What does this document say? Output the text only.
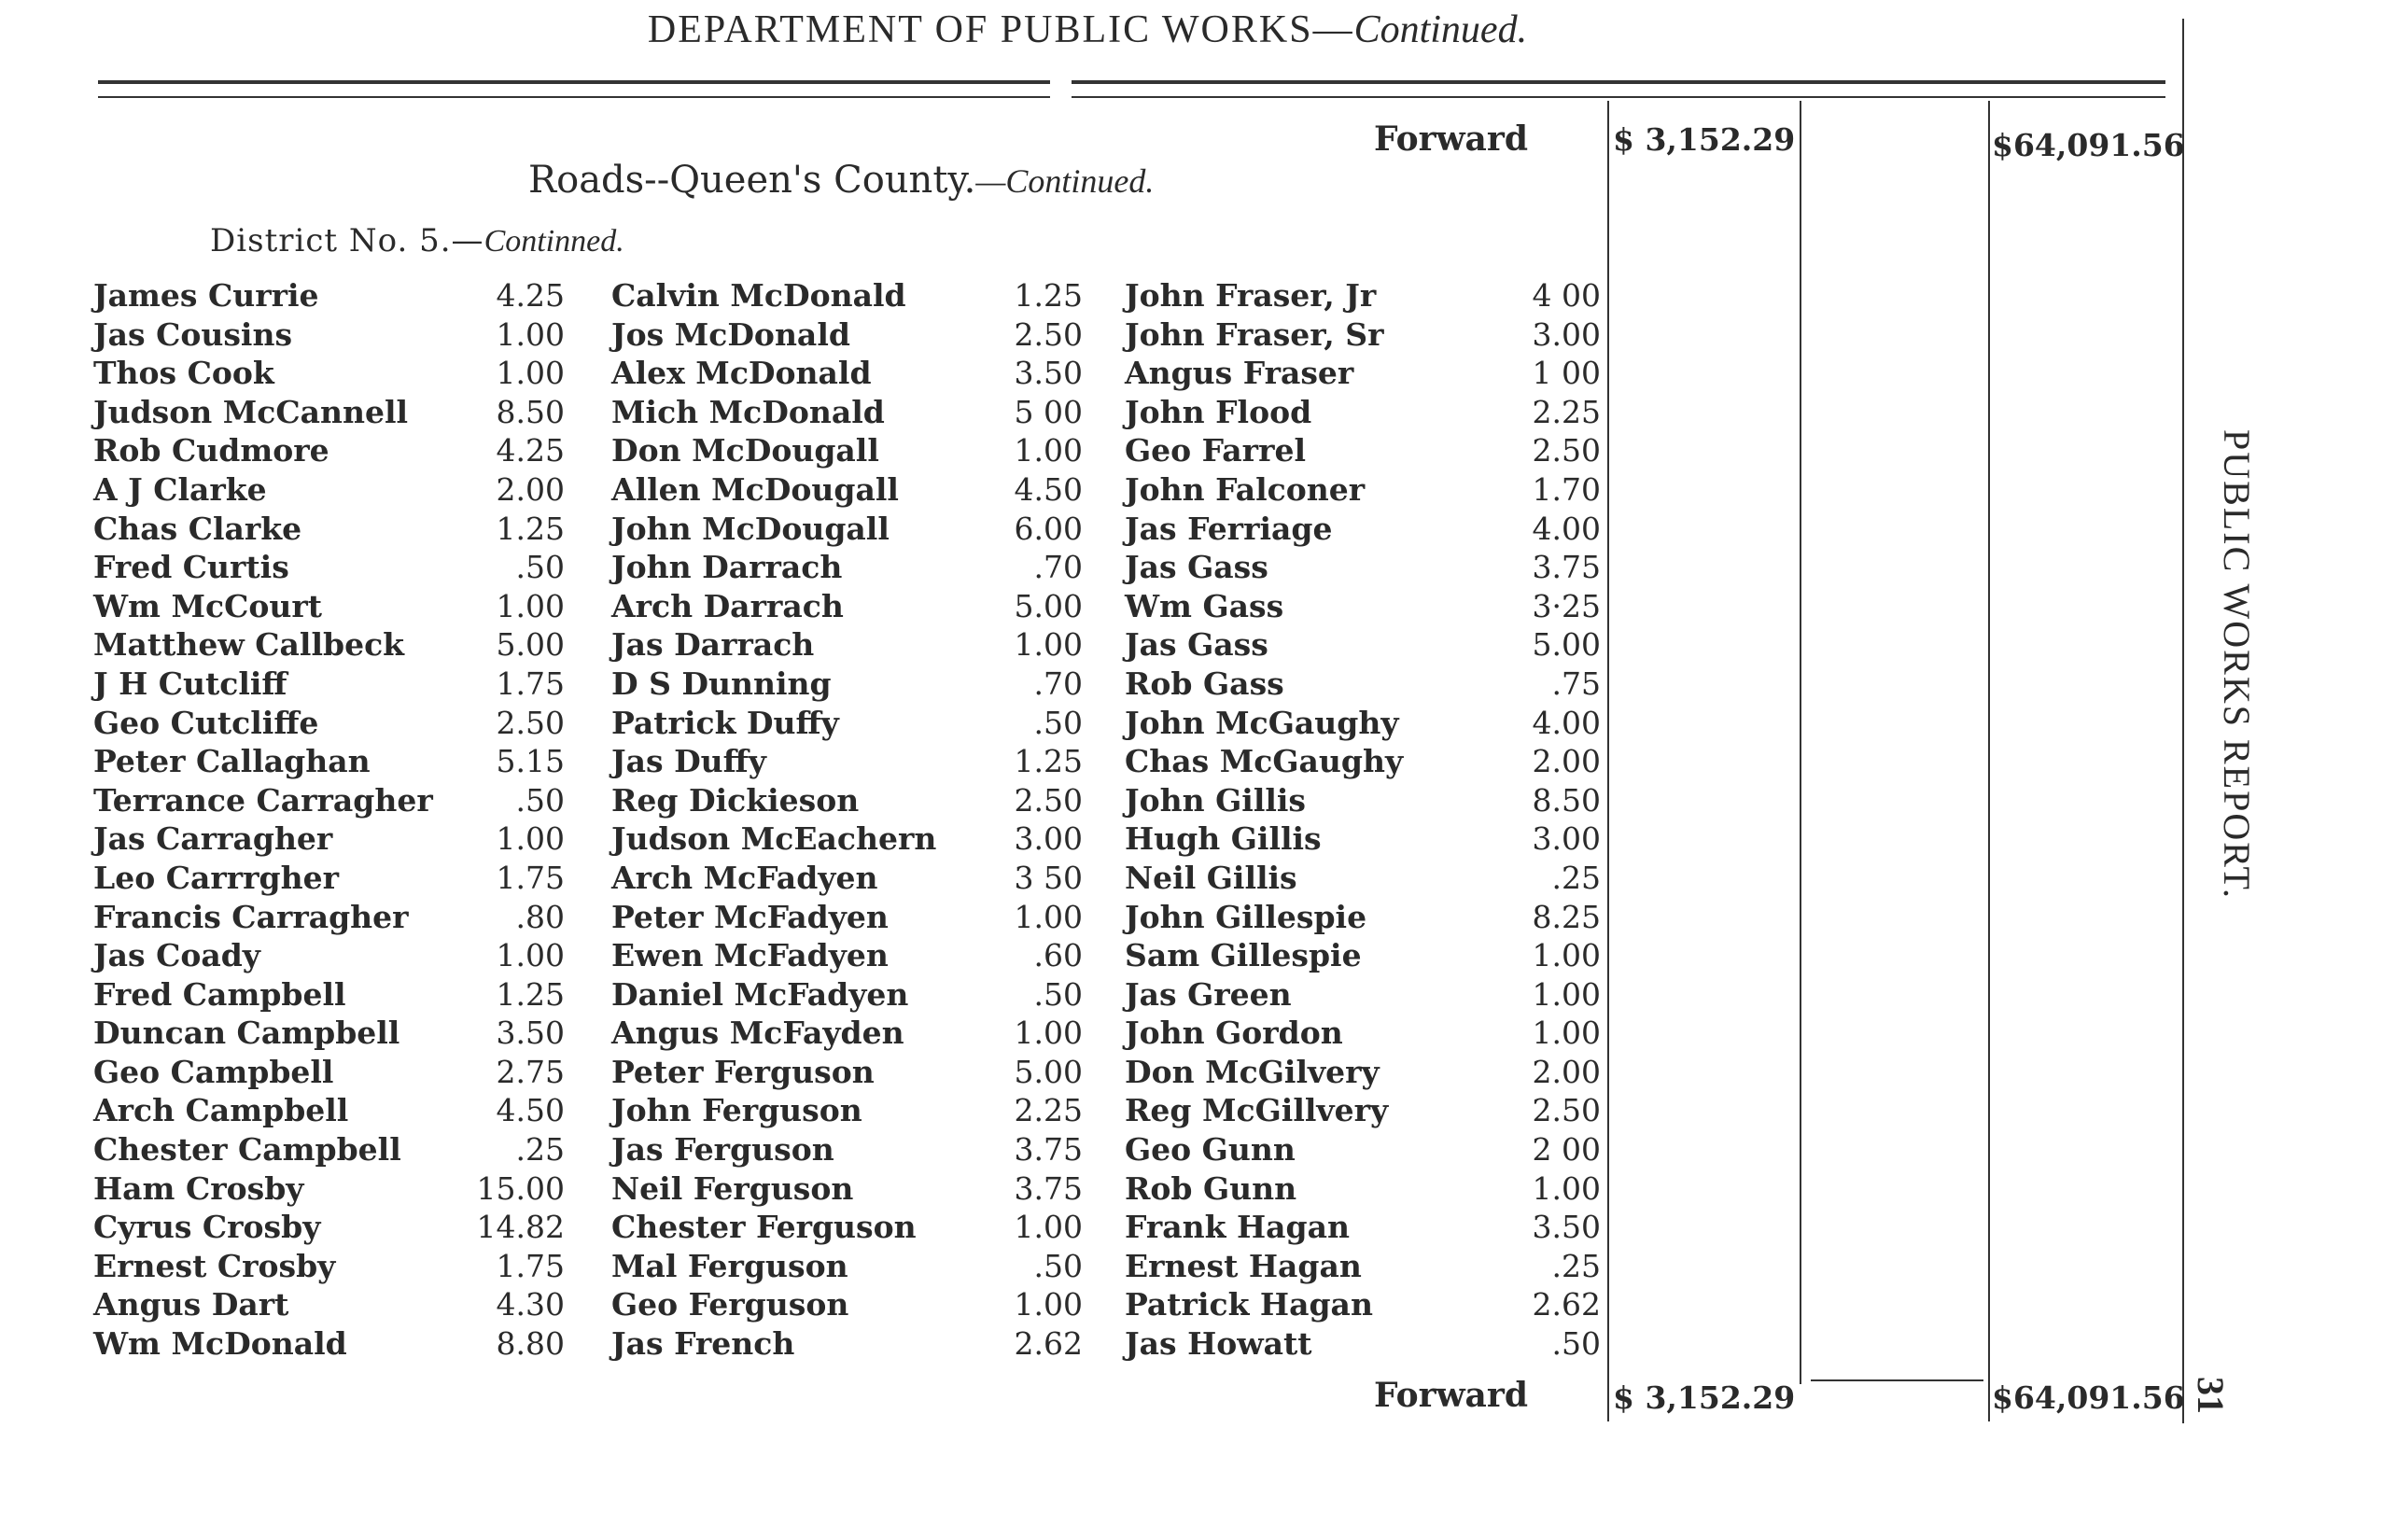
DEPARTMENT OF PUBLIC WORKS—Continued.
Forward	$ 3,152.29	$64,091.56
Roads--Queen's County.—Continued.
District No. 5.—Continned.
James Currie	4.25
Jas Cousins	1.00
Thos Cook	1.00
Judson McCannell	8.50
Rob Cudmore	4.25
A J Clarke	2.00
Chas Clarke	1.25
Fred Curtis	.50
Wm McCourt	1.00
Matthew Callbeck	5.00
J H Cutcliff	1.75
Geo Cutcliffe	2.50
Peter Callaghan	5.15
Terrance Carragher	.50
Jas Carragher	1.00
Leo Carrrgher	1.75
Francis Carragher	.80
Jas Coady	1.00
Fred Campbell	1.25
Duncan Campbell	3.50
Geo Campbell	2.75
Arch Campbell	4.50
Chester Campbell	.25
Ham Crosby	15.00
Cyrus Crosby	14.82
Ernest Crosby	1.75
Angus Dart	4.30
Wm McDonald	8.80
Calvin McDonald	1.25
Jos McDonald	2.50
Alex McDonald	3.50
Mich McDonald	5 00
Don McDougall	1.00
Allen McDougall	4.50
John McDougall	6.00
John Darrach	.70
Arch Darrach	5.00
Jas Darrach	1.00
D S Dunning	.70
Patrick Duffy	.50
Jas Duffy	1.25
Reg Dickieson	2.50
Judson McEachern	3.00
Arch McFadyen	3 50
Peter McFadyen	1.00
Ewen McFadyen	.60
Daniel McFadyen	.50
Angus McFayden	1.00
Peter Ferguson	5.00
John Ferguson	2.25
Jas Ferguson	3.75
Neil Ferguson	3.75
Chester Ferguson	1.00
Mal Ferguson	.50
Geo Ferguson	1.00
Jas French	2.62
John Fraser, Jr	4 00
John Fraser, Sr	3.00
Angus Fraser	1 00
John Flood	2.25
Geo Farrel	2.50
John Falconer	1.70
Jas Ferriage	4.00
Jas Gass	3.75
Wm Gass	3·25
Jas Gass	5.00
Rob Gass	.75
John McGaughy	4.00
Chas McGaughy	2.00
John Gillis	8.50
Hugh Gillis	3.00
Neil Gillis	.25
John Gillespie	8.25
Sam Gillespie	1.00
Jas Green	1.00
John Gordon	1.00
Don McGilvery	2.00
Reg McGillvery	2.50
Geo Gunn	2 00
Rob Gunn	1.00
Frank Hagan	3.50
Ernest Hagan	.25
Patrick Hagan	2.62
Jas Howatt	.50
Forward	$ 3,152.29	$64,091.56
PUBLIC WORKS REPORT.
31
